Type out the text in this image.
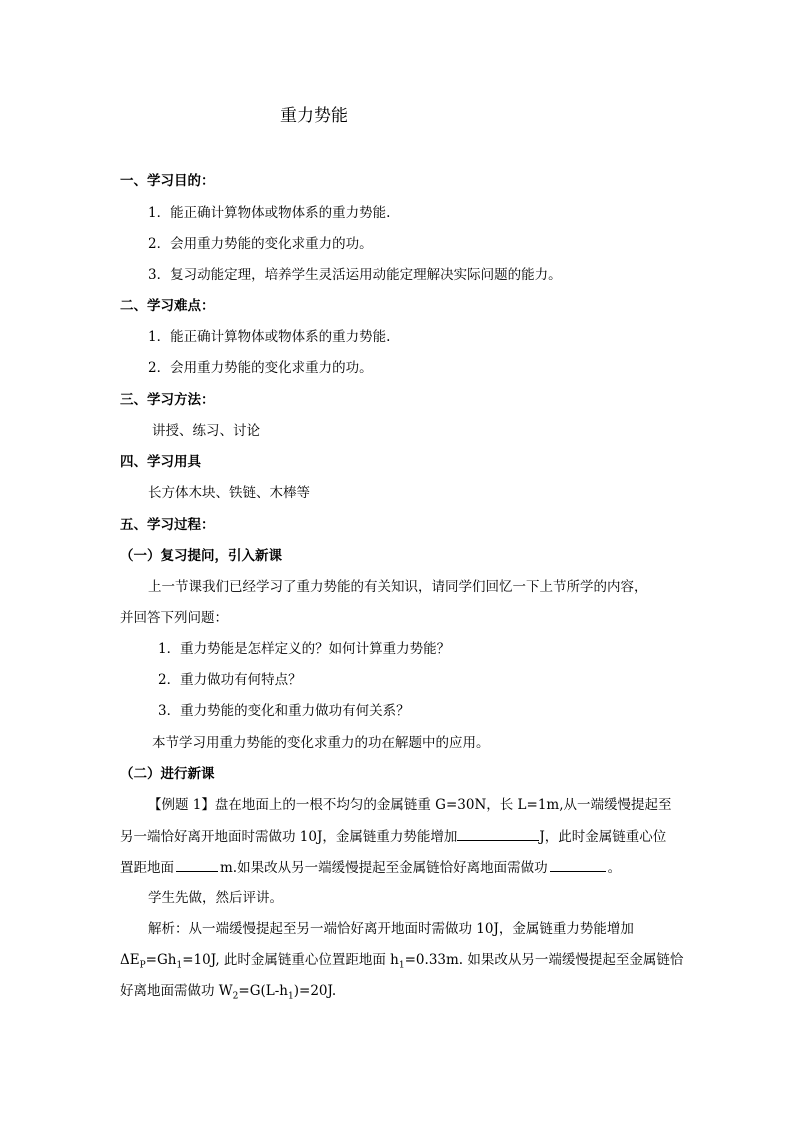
重力势能
一、学习目的：
1．能正确计算物体或物体系的重力势能.
2．会用重力势能的变化求重力的功。
3．复习动能定理，培养学生灵活运用动能定理解决实际问题的能力。
二、学习难点：
1．能正确计算物体或物体系的重力势能.
2．会用重力势能的变化求重力的功。
三、学习方法：
讲授、练习、讨论
四、学习用具
长方体木块、铁链、木棒等
五、学习过程：
（一）复习提问，引入新课
上一节课我们已经学习了重力势能的有关知识，请同学们回忆一下上节所学的内容，
并回答下列问题：
1．重力势能是怎样定义的？如何计算重力势能？
2．重力做功有何特点？
3．重力势能的变化和重力做功有何关系？
本节学习用重力势能的变化求重力的功在解题中的应用。
（二）进行新课
【例题 1】盘在地面上的一根不均匀的金属链重 G=30N，长 L=1m,从一端缓慢提起至
另一端恰好离开地面时需做功 10J，金属链重力势能增加	J，此时金属链重心位
置距地面	m.如果改从另一端缓慢提起至金属链恰好离地面需做功	。
学生先做，然后评讲。
解析：从一端缓慢提起至另一端恰好离开地面时需做功 10J，金属链重力势能增加
$\Delta E_P=Gh_1=10J$, 此时金属链重心位置距地面 $h_1=0.33m$. 如果改从另一端缓慢提起至金属链恰
好离地面需做功 $W_2=G(L-h_1)=20J$.
